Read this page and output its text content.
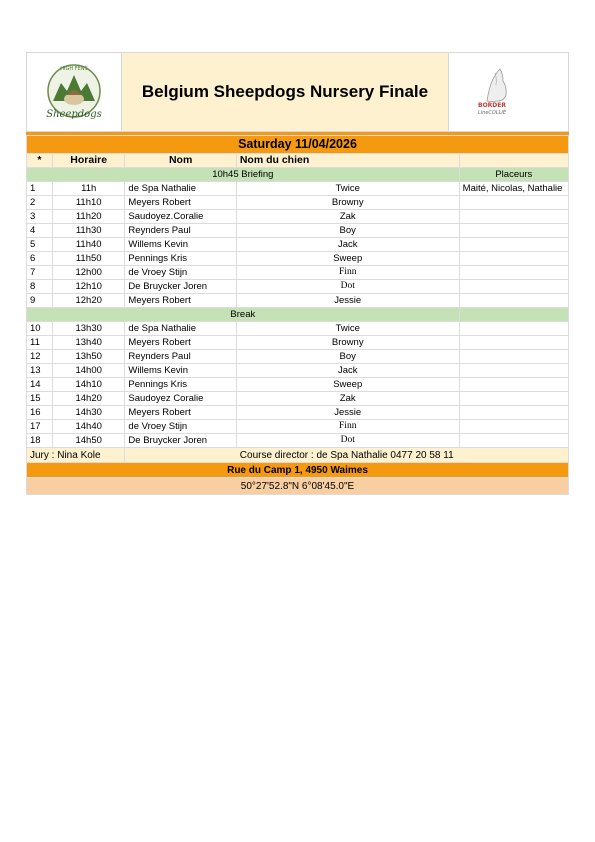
HIGH FENS
Sheepdogs
Belgium Sheepdogs Nursery Finale
BORDER
LineCOLLIE
Saturday 11/04/2026				
*	Horaire	Nom	Nom du chien	
10h45 Briefing				Placeurs
1	11h	de Spa Nathalie	Twice	Maité, Nicolas, Nathalie
2	11h10	Meyers Robert	Browny	
3	11h20	Saudoyez.Coralie	Zak	
4	11h30	Reynders Paul	Boy	
5	11h40	Willems Kevin	Jack	
6	11h50	Pennings Kris	Sweep	
7	12h00	de Vroey Stijn	Finn	
8	12h10	De Bruycker Joren	Dot	
9	12h20	Meyers Robert	Jessie	
Break				
10	13h30	de Spa Nathalie	Twice	
11	13h40	Meyers Robert	Browny	
12	13h50	Reynders Paul	Boy	
13	14h00	Willems Kevin	Jack	
14	14h10	Pennings Kris	Sweep	
15	14h20	Saudoyez Coralie	Zak	
16	14h30	Meyers Robert	Jessie	
17	14h40	de Vroey Stijn	Finn	
18	14h50	De Bruycker Joren	Dot	
Jury : Nina Kole		Course director : de Spa Nathalie 0477 20 58 11		
Rue du Camp 1, 4950 Waimes				
50°27'52.8"N 6°08'45.0"E				
